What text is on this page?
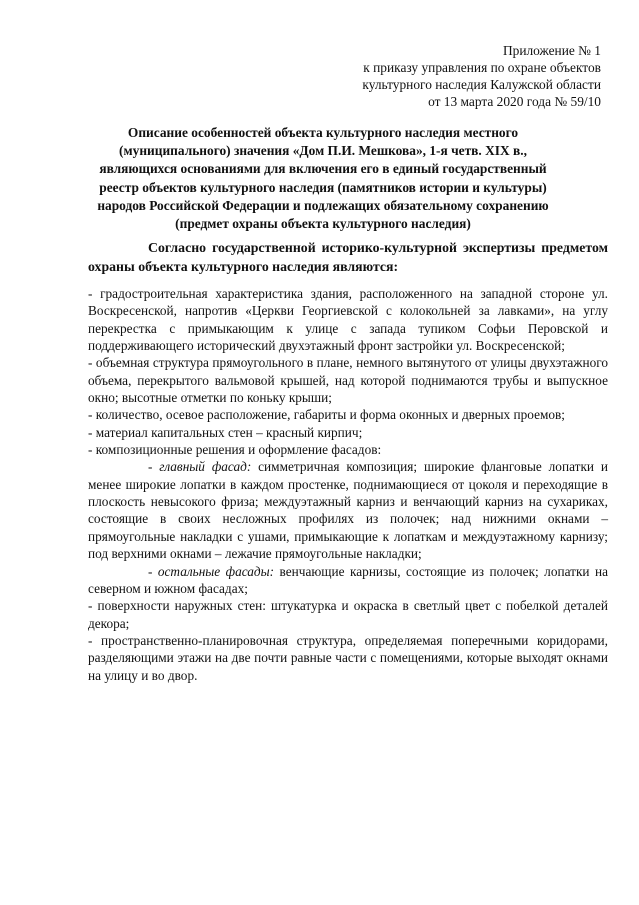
Приложение № 1
к приказу управления по охране объектов
культурного наследия Калужской области
от 13 марта 2020 года № 59/10
Описание особенностей объекта культурного наследия местного
(муниципального) значения «Дом П.И. Мешкова», 1-я четв. XIX в.,
являющихся основаниями для включения его в единый государственный
реестр объектов культурного наследия (памятников истории и культуры)
народов Российской Федерации и подлежащих обязательному сохранению
(предмет охраны объекта культурного наследия)
Согласно государственной историко-культурной экспертизы предметом охраны объекта культурного наследия являются:

- градостроительная характеристика здания, расположенного на западной стороне ул. Воскресенской, напротив «Церкви Георгиевской с колокольней за лавками», на углу перекрестка с примыкающим к улице с запада тупиком Софьи Перовской и поддерживающего исторический двухэтажный фронт застройки ул. Воскресенской;

- объемная структура прямоугольного в плане, немного вытянутого от улицы двухэтажного объема, перекрытого вальмовой крышей, над которой поднимаются трубы и выпускное окно; высотные отметки по коньку крыши;

- количество, осевое расположение, габариты и форма оконных и дверных проемов;

- материал капитальных стен – красный кирпич;

- композиционные решения и оформление фасадов:

- главный фасад: симметричная композиция; широкие фланговые лопатки и менее широкие лопатки в каждом простенке, поднимающиеся от цоколя и переходящие в плоскость невысокого фриза; междуэтажный карниз и венчающий карниз на сухариках, состоящие в своих несложных профилях из полочек; над нижними окнами – прямоугольные накладки с ушами, примыкающие к лопаткам и междуэтажному карнизу; под верхними окнами – лежачие прямоугольные накладки;

- остальные фасады: венчающие карнизы, состоящие из полочек; лопатки на северном и южном фасадах;

- поверхности наружных стен: штукатурка и окраска в светлый цвет с побелкой деталей декора;

- пространственно-планировочная структура, определяемая поперечными коридорами, разделяющими этажи на две почти равные части с помещениями, которые выходят окнами на улицу и во двор.
